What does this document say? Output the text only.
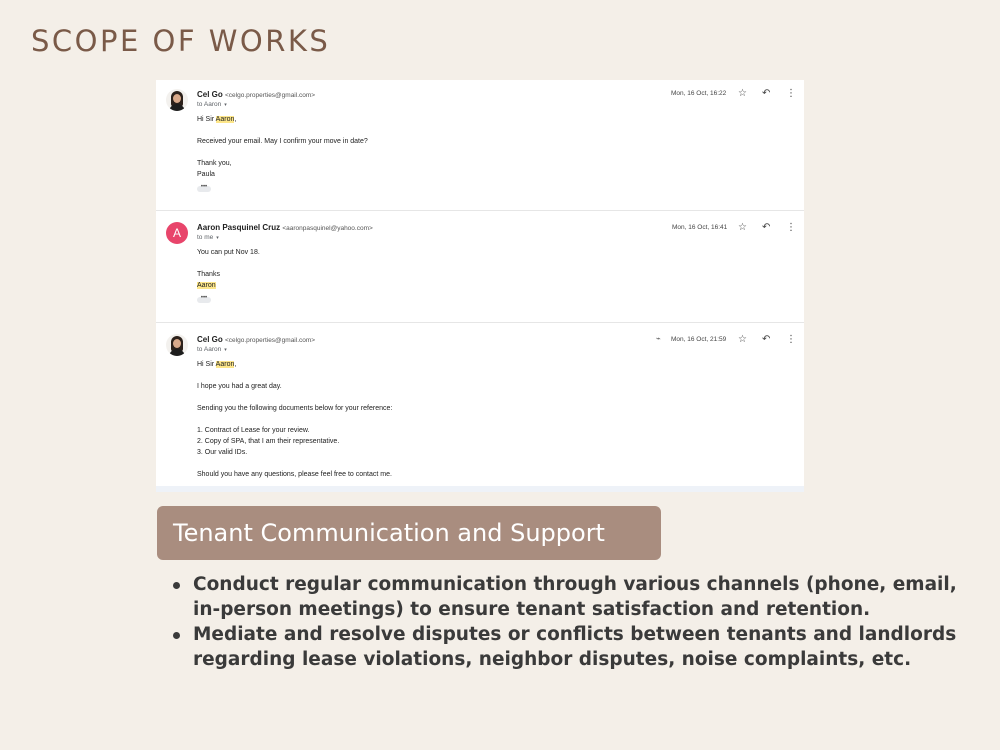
SCOPE OF WORKS
Cel Go <celgo.properties@gmail.com>
to Aaron ▾
Mon, 16 Oct, 16:22 ☆ ↶ ⋮
Hi Sir Aaron,
Received your email. May I confirm your move in date?
Thank you,
Paula
•••
A	Aaron Pasquinel Cruz <aaronpasquinel@yahoo.com>
to me ▾
Mon, 16 Oct, 16:41 ☆ ↶ ⋮
You can put Nov 18.
Thanks
Aaron
•••
Cel Go <celgo.properties@gmail.com>
to Aaron ▾
⌁ Mon, 16 Oct, 21:59 ☆ ↶ ⋮
Hi Sir Aaron,
I hope you had a great day.
Sending you the following documents below for your reference:
1. Contract of Lease for your review.
2. Copy of SPA, that I am their representative.
3. Our valid IDs.
Should you have any questions, please feel free to contact me.
Tenant Communication and Support
Conduct regular communication through various channels (phone, email, in-person meetings) to ensure tenant satisfaction and retention.
Mediate and resolve disputes or conflicts between tenants and landlords regarding lease violations, neighbor disputes, noise complaints, etc.
